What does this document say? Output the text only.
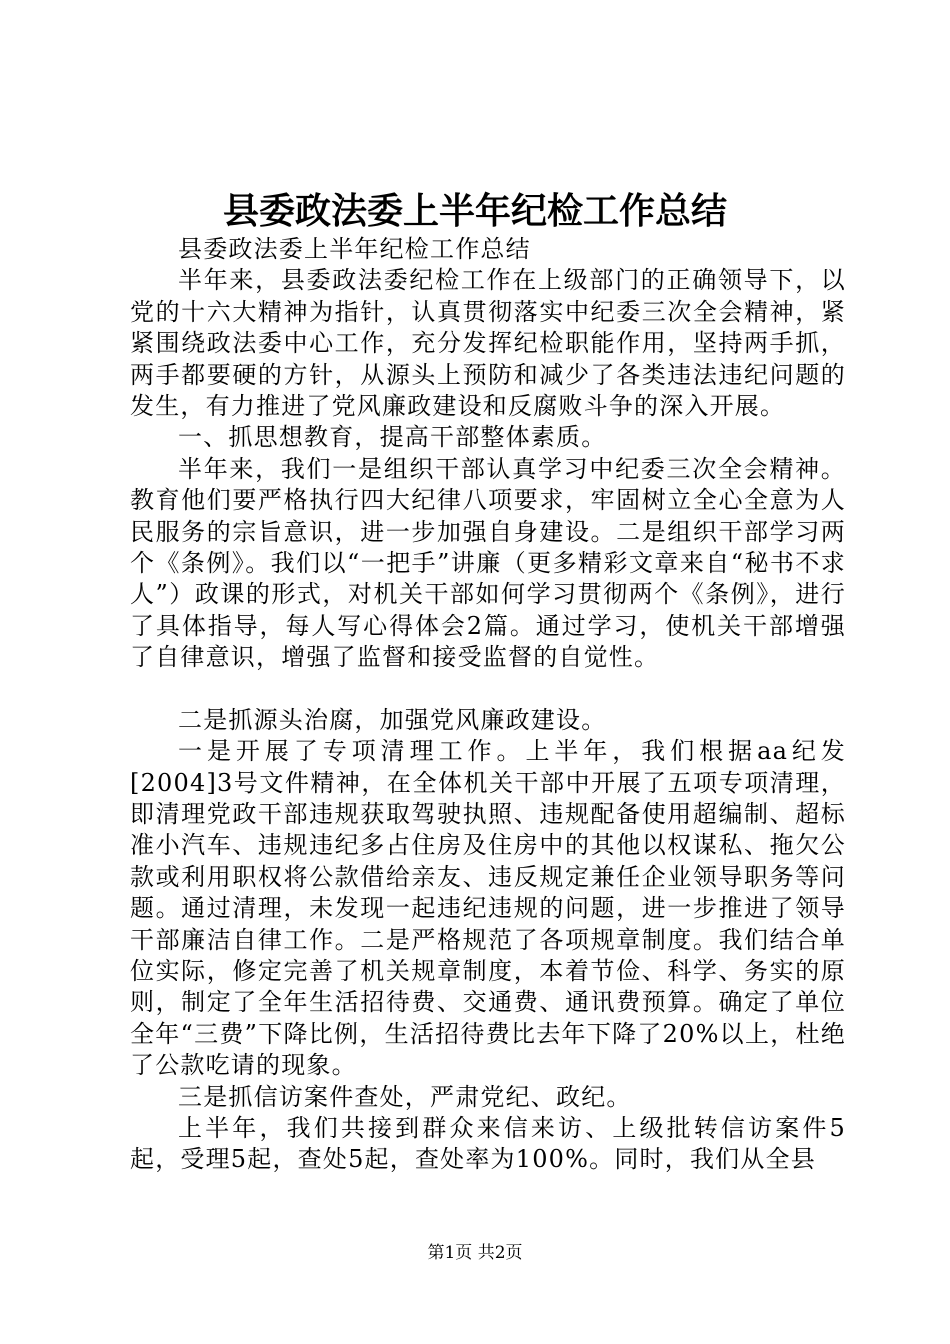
县委政法委上半年纪检工作总结

县委政法委上半年纪检工作总结

半年来，县委政法委纪检工作在上级部门的正确领导下，以党的十六大精神为指针，认真贯彻落实中纪委三次全会精神，紧紧围绕政法委中心工作，充分发挥纪检职能作用，坚持两手抓，两手都要硬的方针，从源头上预防和减少了各类违法违纪问题的发生，有力推进了党风廉政建设和反腐败斗争的深入开展。

一、抓思想教育，提高干部整体素质。

半年来，我们一是组织干部认真学习中纪委三次全会精神。教育他们要严格执行四大纪律八项要求，牢固树立全心全意为人民服务的宗旨意识，进一步加强自身建设。二是组织干部学习两个《条例》。我们以“一把手”讲廉（更多精彩文章来自“秘书不求人”）政课的形式，对机关干部如何学习贯彻两个《条例》，进行了具体指导，每人写心得体会2篇。通过学习，使机关干部增强了自律意识，增强了监督和接受监督的自觉性。

二是抓源头治腐，加强党风廉政建设。

一是开展了专项清理工作。上半年，我们根据aa纪发[2004]3号文件精神，在全体机关干部中开展了五项专项清理，即清理党政干部违规获取驾驶执照、违规配备使用超编制、超标准小汽车、违规违纪多占住房及住房中的其他以权谋私、拖欠公款或利用职权将公款借给亲友、违反规定兼任企业领导职务等问题。通过清理，未发现一起违纪违规的问题，进一步推进了领导干部廉洁自律工作。二是严格规范了各项规章制度。我们结合单位实际，修定完善了机关规章制度，本着节俭、科学、务实的原则，制定了全年生活招待费、交通费、通讯费预算。确定了单位全年“三费”下降比例，生活招待费比去年下降了20%以上，杜绝了公款吃请的现象。

三是抓信访案件查处，严肃党纪、政纪。

上半年，我们共接到群众来信来访、上级批转信访案件5起，受理5起，查处5起，查处率为100%。同时，我们从全县

第1页 共2页
